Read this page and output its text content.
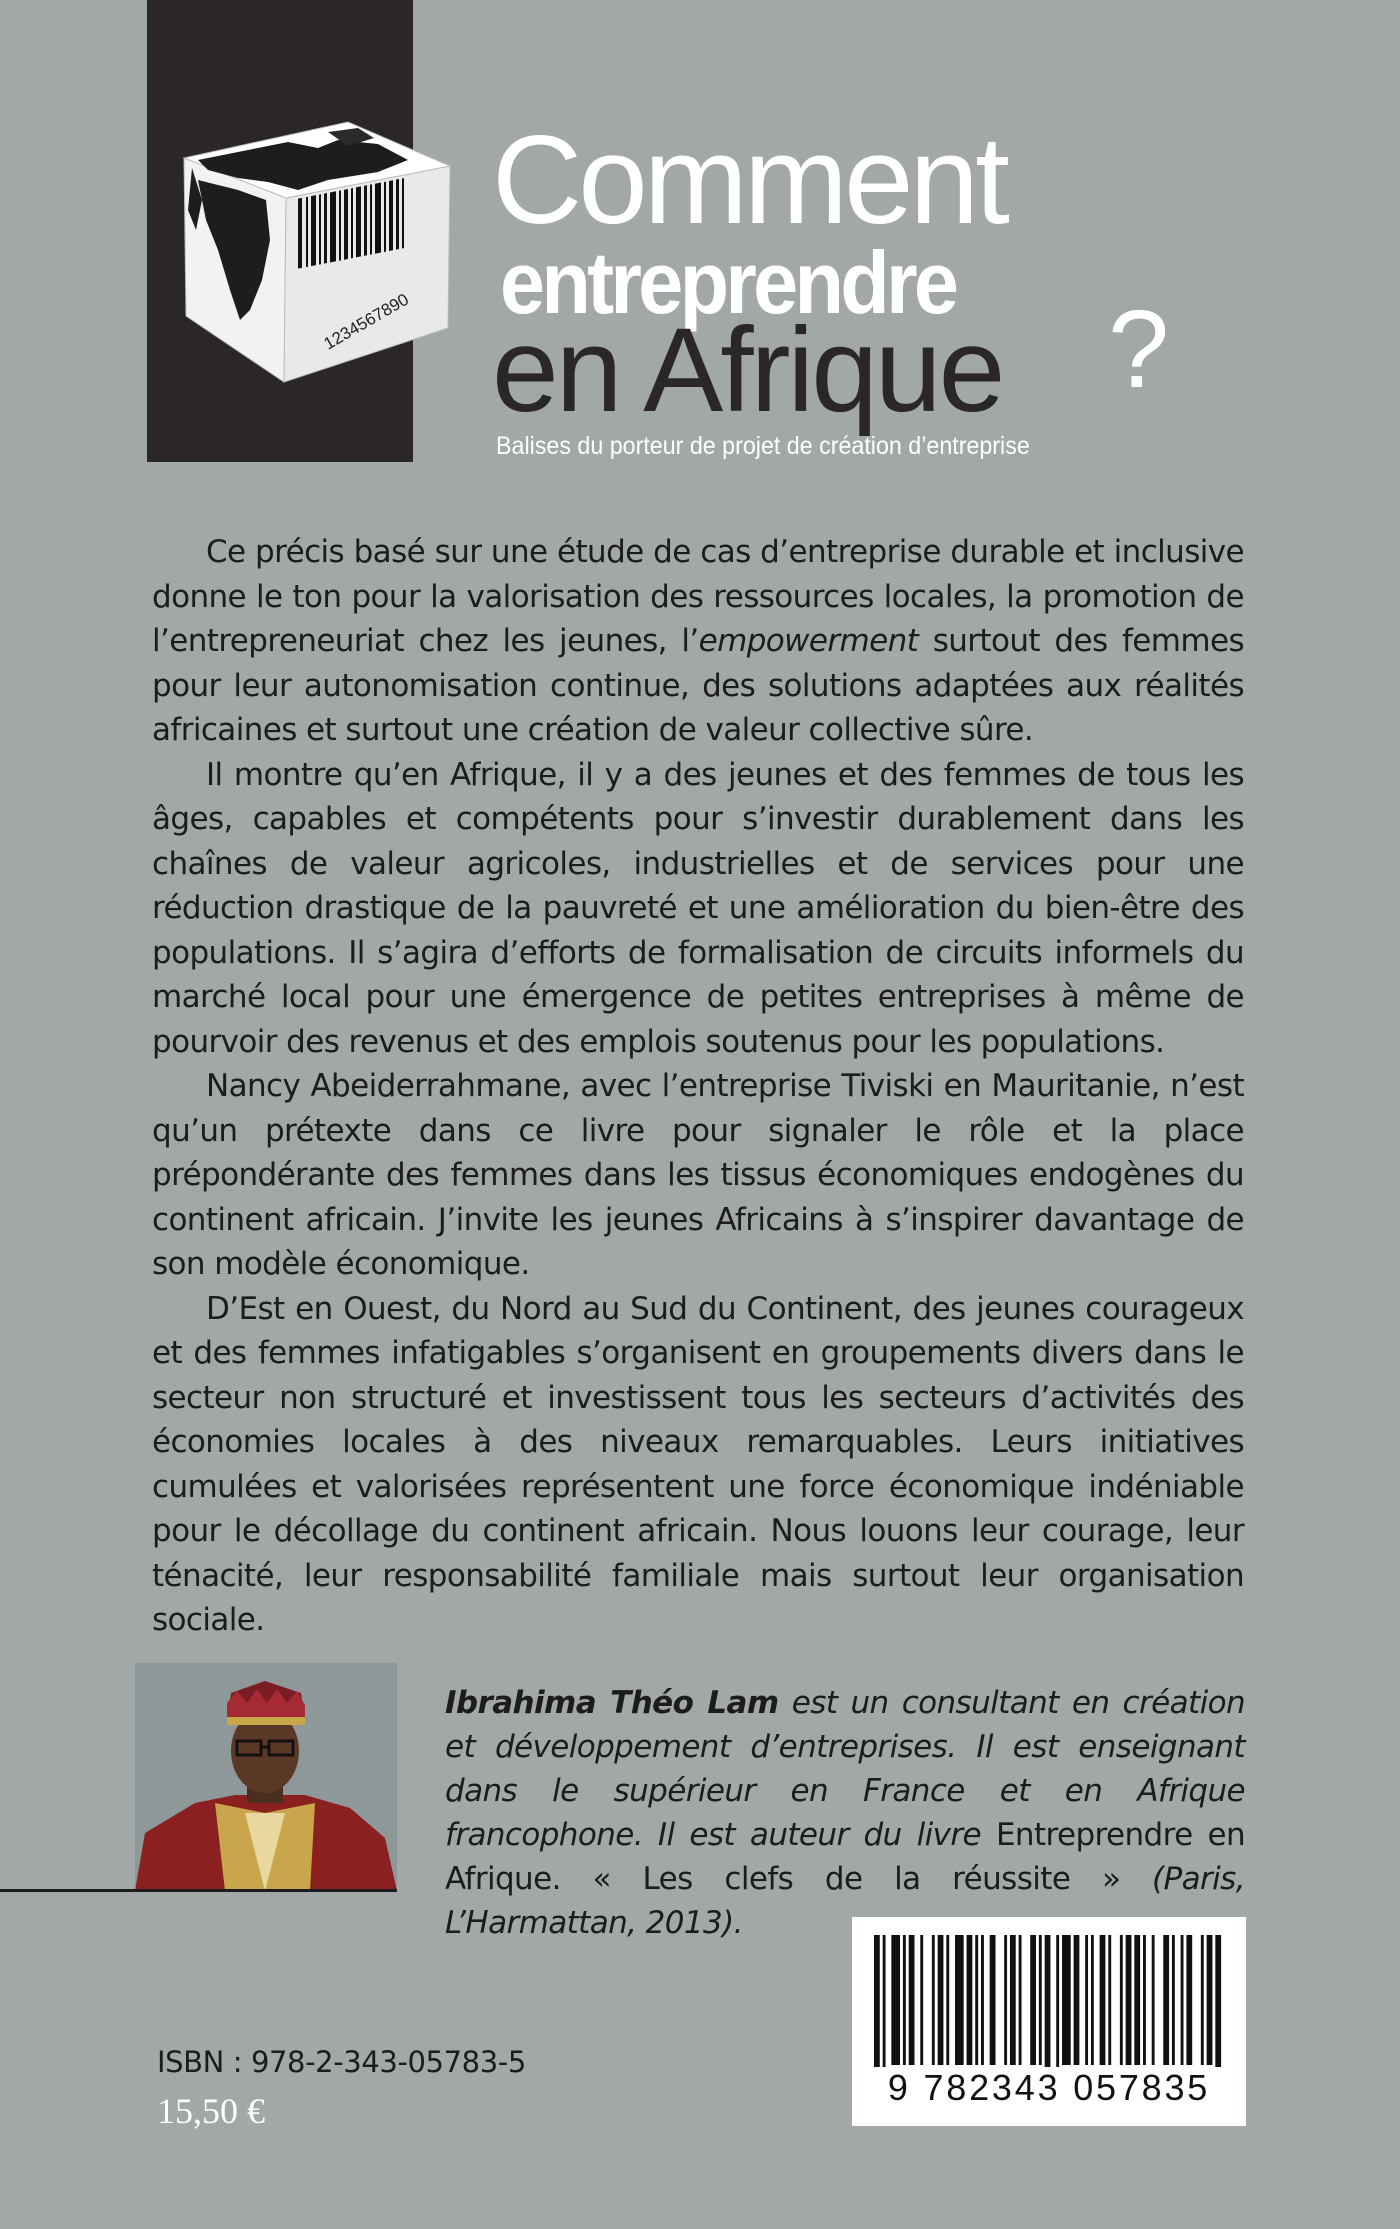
1234567890
Comment
entreprendre
en Afrique ?
Balises du porteur de projet de création d’entreprise

Ce précis basé sur une étude de cas d’entreprise durable et inclusive donne le ton pour la valorisation des ressources locales, la promotion de l’entrepreneuriat chez les jeunes, l’empowerment surtout des femmes pour leur autonomisation continue, des solutions adaptées aux réalités africaines et surtout une création de valeur collective sûre.

Il montre qu’en Afrique, il y a des jeunes et des femmes de tous les âges, capables et compétents pour s’investir durablement dans les chaînes de valeur agricoles, industrielles et de services pour une réduction drastique de la pauvreté et une amélioration du bien-être des populations. Il s’agira d’efforts de formalisation de circuits informels du marché local pour une émergence de petites entreprises à même de pourvoir des revenus et des emplois soutenus pour les populations.

Nancy Abeiderrahmane, avec l’entreprise Tiviski en Mauritanie, n’est qu’un prétexte dans ce livre pour signaler le rôle et la place prépondérante des femmes dans les tissus économiques endogènes du continent africain. J’invite les jeunes Africains à s’inspirer davantage de son modèle économique.

D’Est en Ouest, du Nord au Sud du Continent, des jeunes courageux et des femmes infatigables s’organisent en groupements divers dans le secteur non structuré et investissent tous les secteurs d’activités des économies locales à des niveaux remarquables. Leurs initiatives cumulées et valorisées représentent une force économique indéniable pour le décollage du continent africain. Nous louons leur courage, leur ténacité, leur responsabilité familiale mais surtout leur organisation sociale.

Ibrahima Théo Lam est un consultant en création et développement d’entreprises. Il est enseignant dans le supérieur en France et en Afrique francophone. Il est auteur du livre Entreprendre en Afrique. « Les clefs de la réussite » (Paris, L’Harmattan, 2013).
ISBN : 978-2-343-05783-5
15,50 €
9 782343 057835
